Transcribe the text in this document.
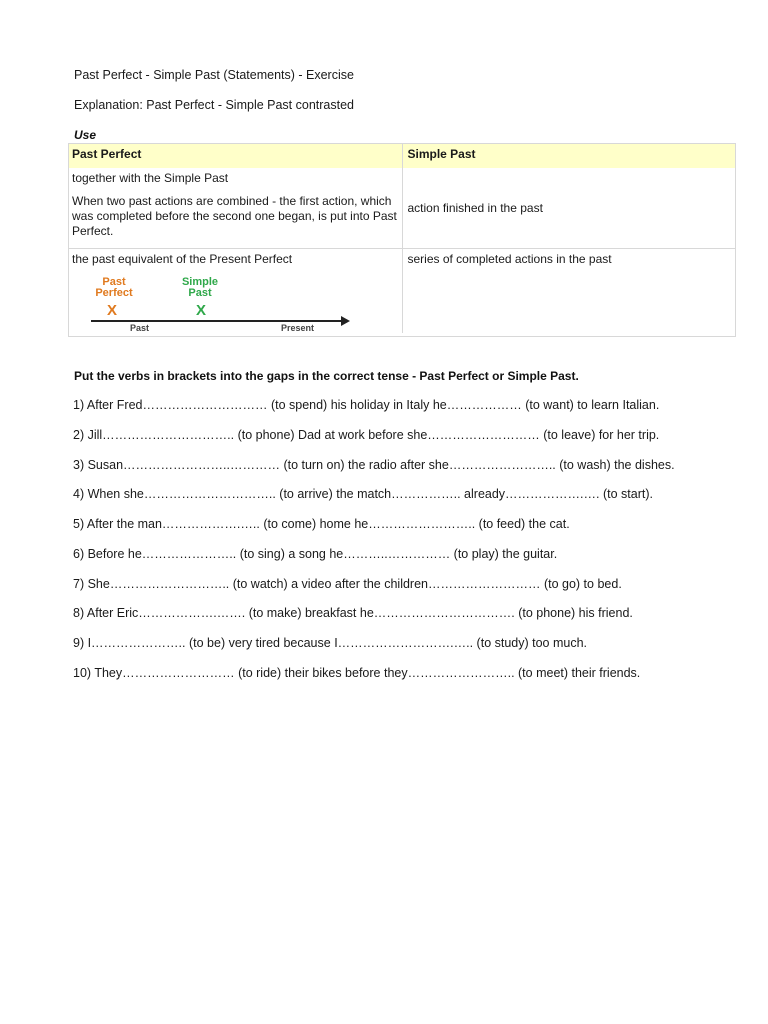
Past Perfect - Simple Past (Statements) - Exercise
Explanation: Past Perfect - Simple Past contrasted
Use
Past Perfect	Simple Past

together with the Simple Past

When two past actions are combined - the first action, which was completed before the second one began, is put into Past Perfect.	action finished in the past

the past equivalent of the Present Perfect	series of completed actions in the past

Past Perfect
Simple Past
X	X
Past	Present
Put the verbs in brackets into the gaps in the correct tense - Past Perfect or Simple Past.
1) After Fred………………………… (to spend) his holiday in Italy he……………… (to want) to learn Italian.
2) Jill………………………….. (to phone) Dad at work before she……………………… (to leave) for her trip.
3) Susan……………………..………… (to turn on) the radio after she…………………….. (to wash) the dishes.
4) When she………………………….. (to arrive) the match…………….. already……………….…. (to start).
5) After the man……………….….. (to come) home he…………………….. (to feed) the cat.
6) Before he………………….. (to sing) a song he………..…………… (to play) the guitar.
7) She……………………….. (to watch) a video after the children……………………… (to go) to bed.
8) After Eric……………….……. (to make) breakfast he……………………………. (to phone) his friend.
9) I………………….. (to be) very tired because I……………………….….. (to study) too much.
10) They……………………… (to ride) their bikes before they…………………….. (to meet) their friends.
